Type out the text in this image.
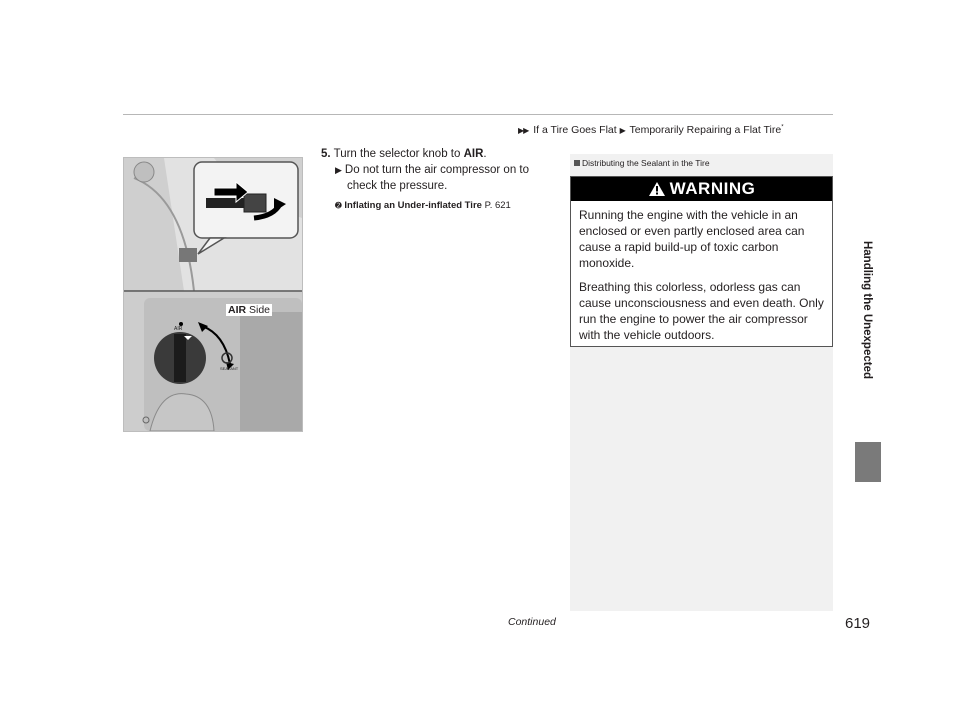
▶▶ If a Tire Goes Flat ▶ Temporarily Repairing a Flat Tire*
AIR
SEALANT
AIR Side
5. Turn the selector knob to AIR.
▶ Do not turn the air compressor on to
check the pressure.
➋ Inflating an Under-inflated Tire P. 621
Distributing the Sealant in the Tire
WARNING

Running the engine with the vehicle in an enclosed or even partly enclosed area can cause a rapid build-up of toxic carbon monoxide.

Breathing this colorless, odorless gas can cause unconsciousness and even death. Only run the engine to power the air compressor with the vehicle outdoors.	Handling the Unexpected
Continued	619
